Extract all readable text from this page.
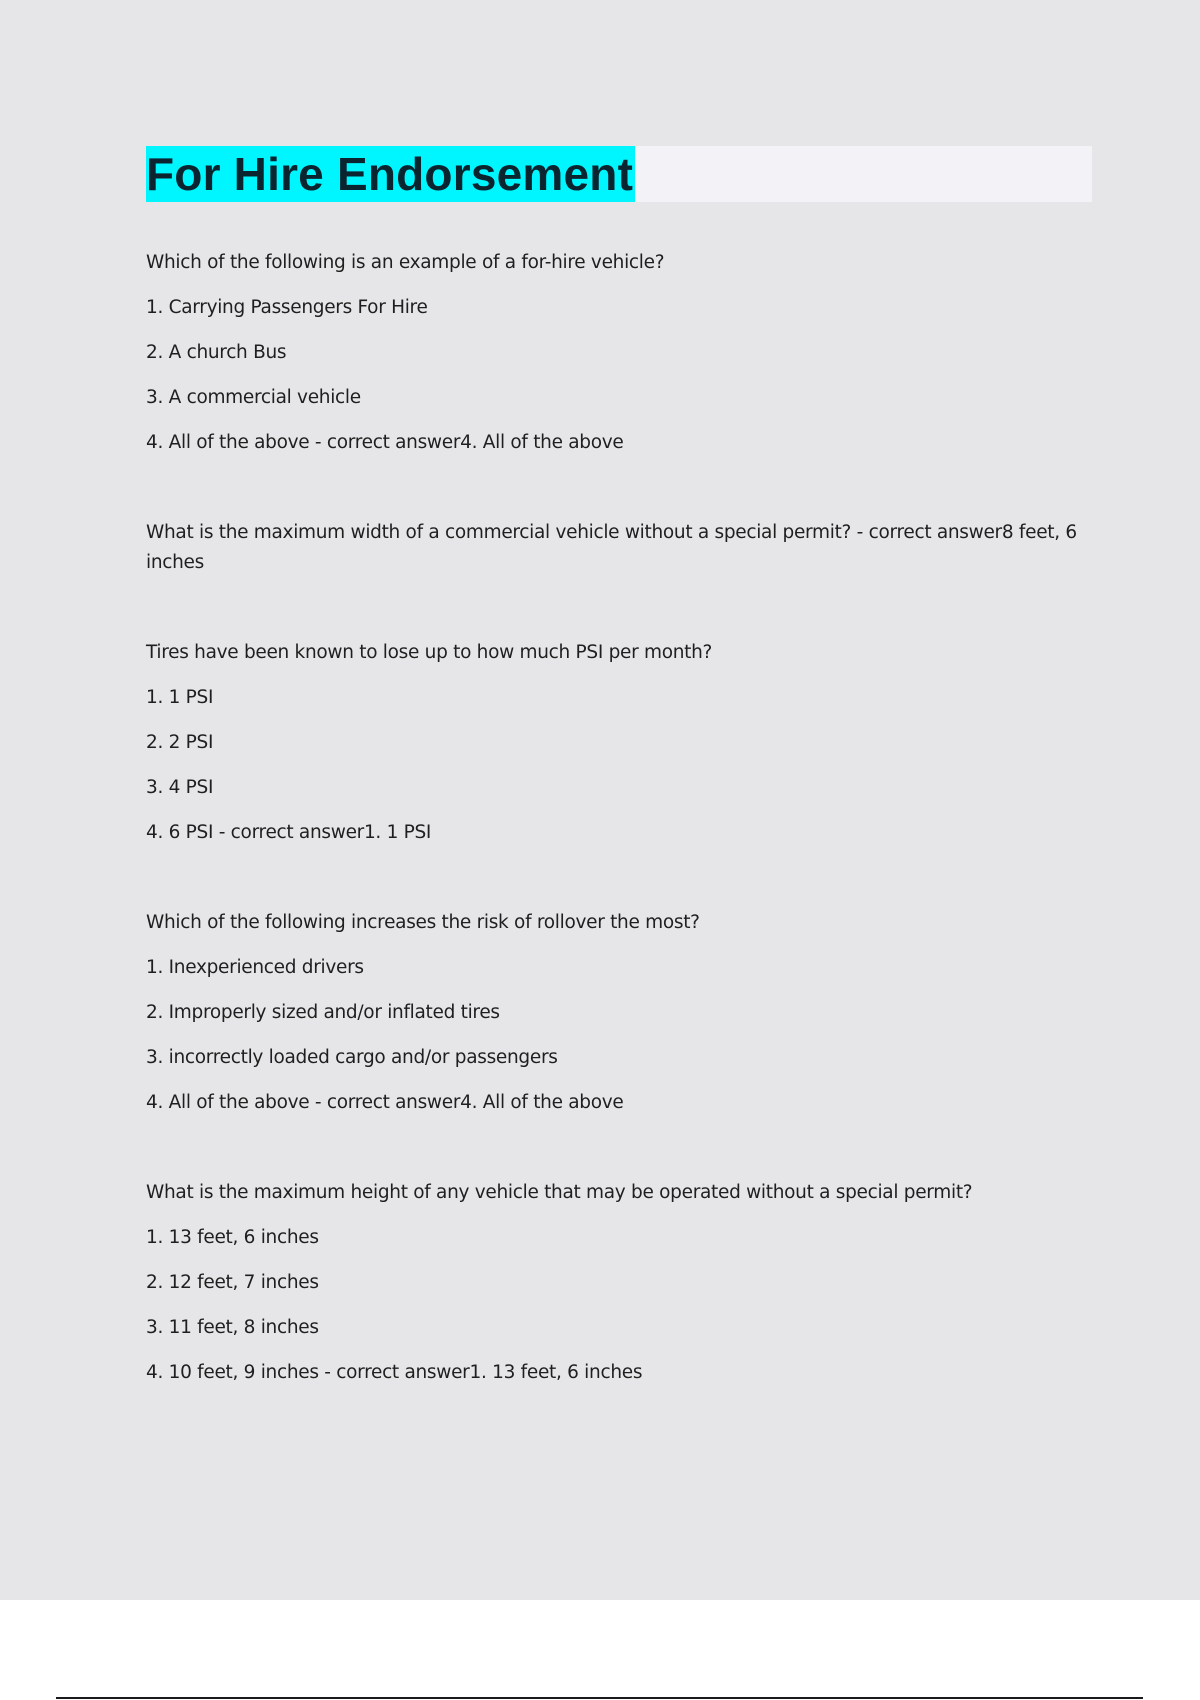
For Hire Endorsement

Which of the following is an example of a for-hire vehicle?

1. Carrying Passengers For Hire

2. A church Bus

3. A commercial vehicle

4. All of the above - correct answer4. All of the above

What is the maximum width of a commercial vehicle without a special permit? - correct answer8 feet, 6 inches

Tires have been known to lose up to how much PSI per month?

1. 1 PSI

2. 2 PSI

3. 4 PSI

4. 6 PSI - correct answer1. 1 PSI

Which of the following increases the risk of rollover the most?

1. Inexperienced drivers

2. Improperly sized and/or inflated tires

3. incorrectly loaded cargo and/or passengers

4. All of the above - correct answer4. All of the above

What is the maximum height of any vehicle that may be operated without a special permit?

1. 13 feet, 6 inches

2. 12 feet, 7 inches

3. 11 feet, 8 inches

4. 10 feet, 9 inches - correct answer1. 13 feet, 6 inches
